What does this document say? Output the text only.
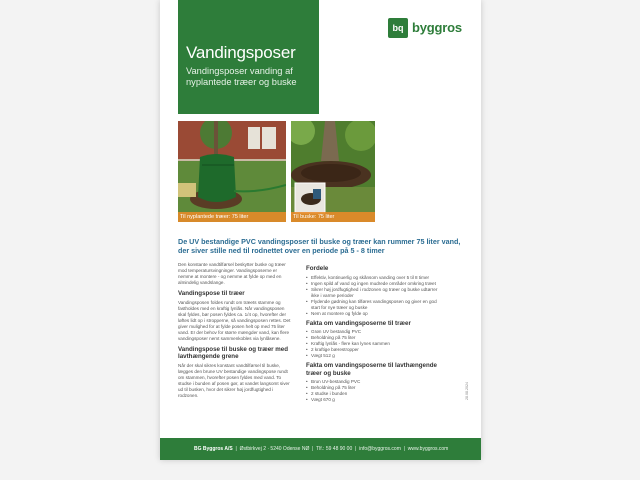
Vandingsposer
Vandingsposer vanding af nyplantede træer og buske
bq byggros
Til nyplantede træer: 75 liter	Til buske: 75 liter
De UV bestandige PVC vandingsposer til buske og træer kan rummer 75 liter vand, der siver stille ned til rodnettet over en periode på 5 - 8 timer

Den konstante vandtilførsel beskytter buske og træer mod temperatursvingninger. Vandingsposerne er nemme at montere - og nemme at fylde op med en almindelig vandslange.

Vandingspose til træer

Vandingsposen foldes rundt om træets stamme og fastholdes med en kraftig lynlås. Når vandingsposen skal fyldes, bør posen fyldes ca. 1/4 op, hvorefter der løftes lidt op i stropperne, så vandingsposen rettes. Det giver mulighed for at fylde posen helt op med 75 liter vand. Er der behov for større mængder vand, kan flere vandingsposer nemt sammenkobles via lynlåsene.

Vandingspose til buske og træer med lavthængende grene

Når der skal sikres konstant vandtilførsel til buske, lægges den brune UV bestandige vandingspose rundt om stammen, hvorefter posen fyldes med vand. To studse i bunden af posen gør, at vandet langsomt siver ud til busken, hvor det sikrer høj jordfugtighed i rodzonen.

Fordele
• Effektiv, kontinuerlig og skånsom vanding over 5 til 8 timer
• Ingen spild af vand og ingen mudrede områder omkring træet
• Sikrer høj jordfugtighed i rodzonen og træer og buske udtørrer ikke i varme perioder
• Flydende gødning kan tilføres vandingsposen og giver en god start for nye træer og buske
• Nem at montere og fylde op
Fakta om vandingsposerne til træer
• Grøn UV bestandig PVC
• Beholdning på 75 liter
• Kraftig lynlås - flere kan lynes sammen
• 2 kraftige bærestropper
• Vægt 512 g
Fakta om vandingsposerne til lavthængende træer og buske
• Brun UV-bestandig PVC
• Beholdning på 75 liter
• 2 studse i bunden
• Vægt 670 g	28.08.2024
BG Byggros A/S  |  Østbirkvej 2 · 5240 Odense NØ  |  Tlf.: 59 48 90 00  |  info@byggros.com  |  www.byggros.com
